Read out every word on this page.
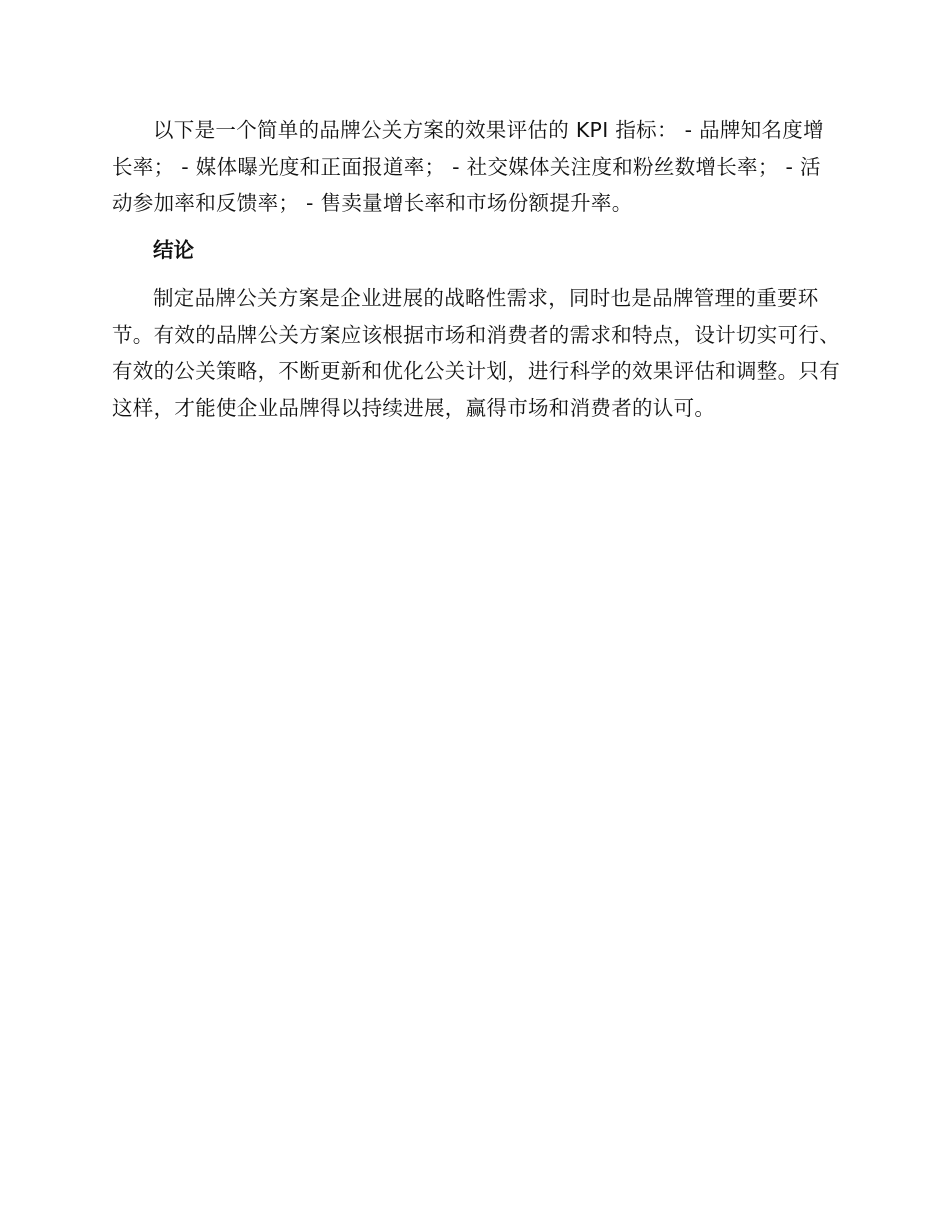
以下是一个简单的品牌公关方案的效果评估的 KPI 指标： - 品牌知名度增长率； - 媒体曝光度和正面报道率； - 社交媒体关注度和粉丝数增长率； - 活动参加率和反馈率； - 售卖量增长率和市场份额提升率。

结论

制定品牌公关方案是企业进展的战略性需求，同时也是品牌管理的重要环节。有效的品牌公关方案应该根据市场和消费者的需求和特点，设计切实可行、有效的公关策略，不断更新和优化公关计划，进行科学的效果评估和调整。只有这样，才能使企业品牌得以持续进展，赢得市场和消费者的认可。
